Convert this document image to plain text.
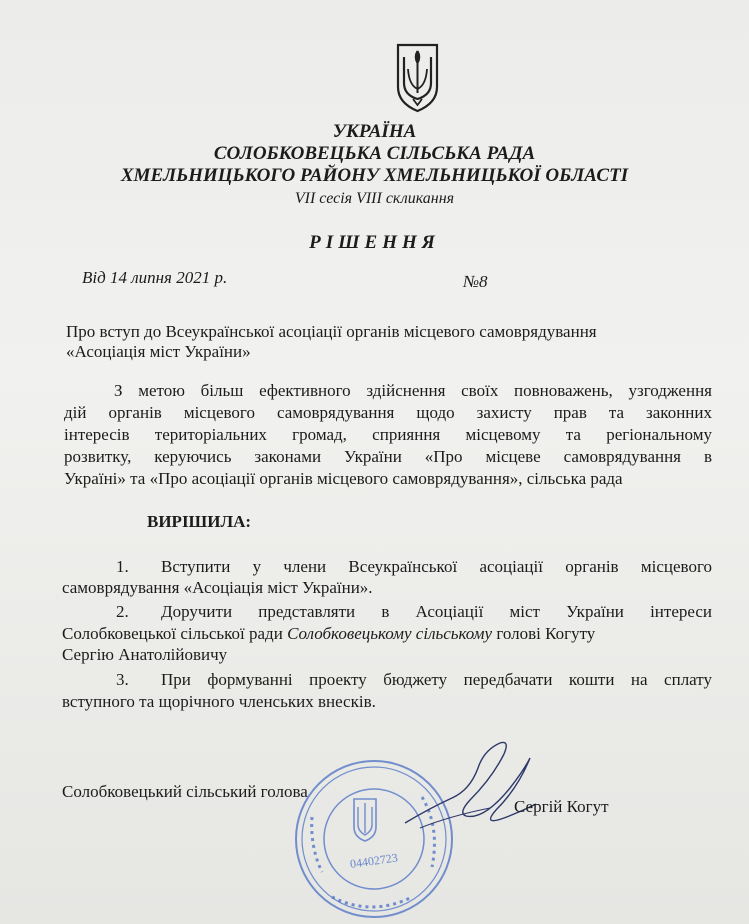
УКРАЇНА
СОЛОБКОВЕЦЬКА СІЛЬСЬКА РАДА
ХМЕЛЬНИЦЬКОГО РАЙОНУ ХМЕЛЬНИЦЬКОЇ ОБЛАСТІ
VII сесія VIII скликання
РІШЕННЯ
Від 14 липня 2021 р.	№8
Про вступ до Всеукраїнської асоціації органів місцевого самоврядування
«Асоціація міст України»
З метою більш ефективного здійснення своїх повноважень, узгодження
дій органів місцевого самоврядування щодо захисту прав та законних
інтересів територіальних громад, сприяння місцевому та регіональному
розвитку, керуючись законами України «Про місцеве самоврядування в
Україні» та «Про асоціації органів місцевого самоврядування», сільська рада
ВИРІШИЛА:
1. Вступити у члени Всеукраїнської асоціації органів місцевого
самоврядування «Асоціація міст України».
2. Доручити представляти в Асоціації міст України інтереси
Солобковецької сільської ради Солобковецькому сільському голові Когуту
Сергію Анатолійовичу
3. При формуванні проекту бюджету передбачати кошти на сплату
вступного та щорічного членських внесків.
Солобковецький сільський голова
04402723
Сергій Когут
